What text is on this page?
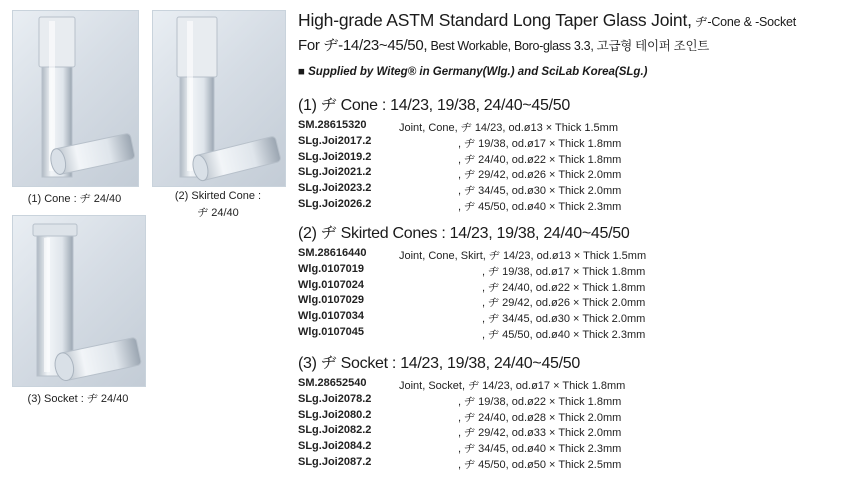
(1) Cone : ヂ 24/40	(2) Skirted Cone :
ヂ 24/40
(3) Socket : ヂ 24/40
High-grade ASTM Standard Long Taper Glass Joint, ヂ-Cone & -Socket
For ヂ-14/23~45/50, Best Workable, Boro-glass 3.3, 고급형 테이퍼 조인트
■ Supplied by Witeg® in Germany(Wlg.) and SciLab Korea(SLg.)
(1) ヂ Cone : 14/23, 19/38, 24/40~45/50
SM.28615320	Joint, Cone, ヂ 14/23, od.ø13 × Thick 1.5mm
SLg.Joi2017.2	, ヂ 19/38, od.ø17 × Thick 1.8mm
SLg.Joi2019.2	, ヂ 24/40, od.ø22 × Thick 1.8mm
SLg.Joi2021.2	, ヂ 29/42, od.ø26 × Thick 2.0mm
SLg.Joi2023.2	, ヂ 34/45, od.ø30 × Thick 2.0mm
SLg.Joi2026.2	, ヂ 45/50, od.ø40 × Thick 2.3mm
(2) ヂ Skirted Cones : 14/23, 19/38, 24/40~45/50
SM.28616440	Joint, Cone, Skirt, ヂ 14/23, od.ø13 × Thick 1.5mm
Wlg.0107019	, ヂ 19/38, od.ø17 × Thick 1.8mm
Wlg.0107024	, ヂ 24/40, od.ø22 × Thick 1.8mm
Wlg.0107029	, ヂ 29/42, od.ø26 × Thick 2.0mm
Wlg.0107034	, ヂ 34/45, od.ø30 × Thick 2.0mm
Wlg.0107045	, ヂ 45/50, od.ø40 × Thick 2.3mm
(3) ヂ Socket : 14/23, 19/38, 24/40~45/50
SM.28652540	Joint, Socket, ヂ 14/23, od.ø17 × Thick 1.8mm
SLg.Joi2078.2	, ヂ 19/38, od.ø22 × Thick 1.8mm
SLg.Joi2080.2	, ヂ 24/40, od.ø28 × Thick 2.0mm
SLg.Joi2082.2	, ヂ 29/42, od.ø33 × Thick 2.0mm
SLg.Joi2084.2	, ヂ 34/45, od.ø40 × Thick 2.3mm
SLg.Joi2087.2	, ヂ 45/50, od.ø50 × Thick 2.5mm
